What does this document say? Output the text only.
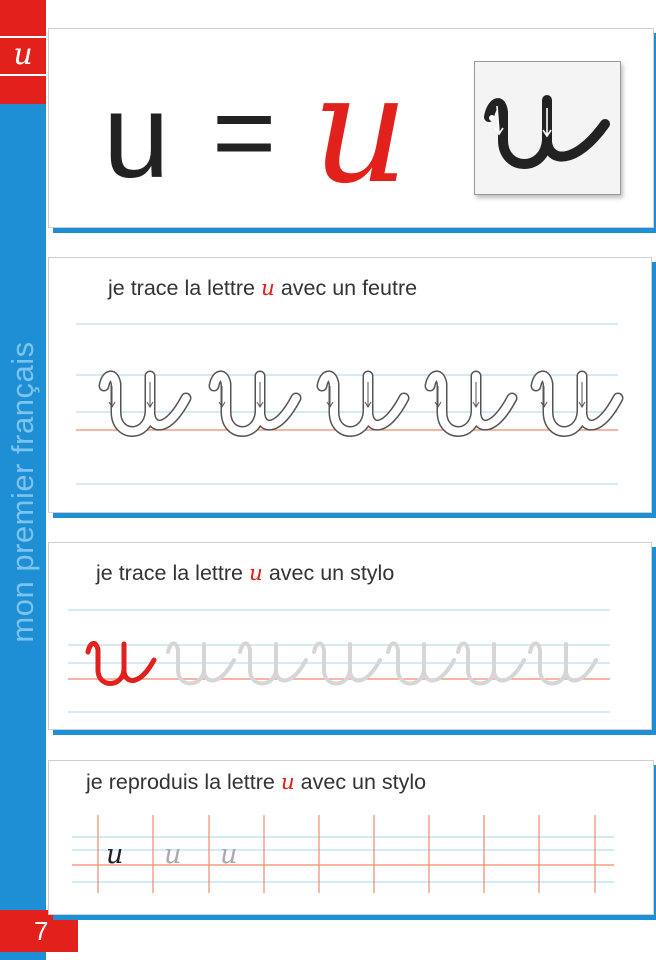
u
mon premier français
7
u = u
je trace la lettre u avec un feutre
je trace la lettre u avec un stylo
je reproduis la lettre u avec un stylo
u u u
